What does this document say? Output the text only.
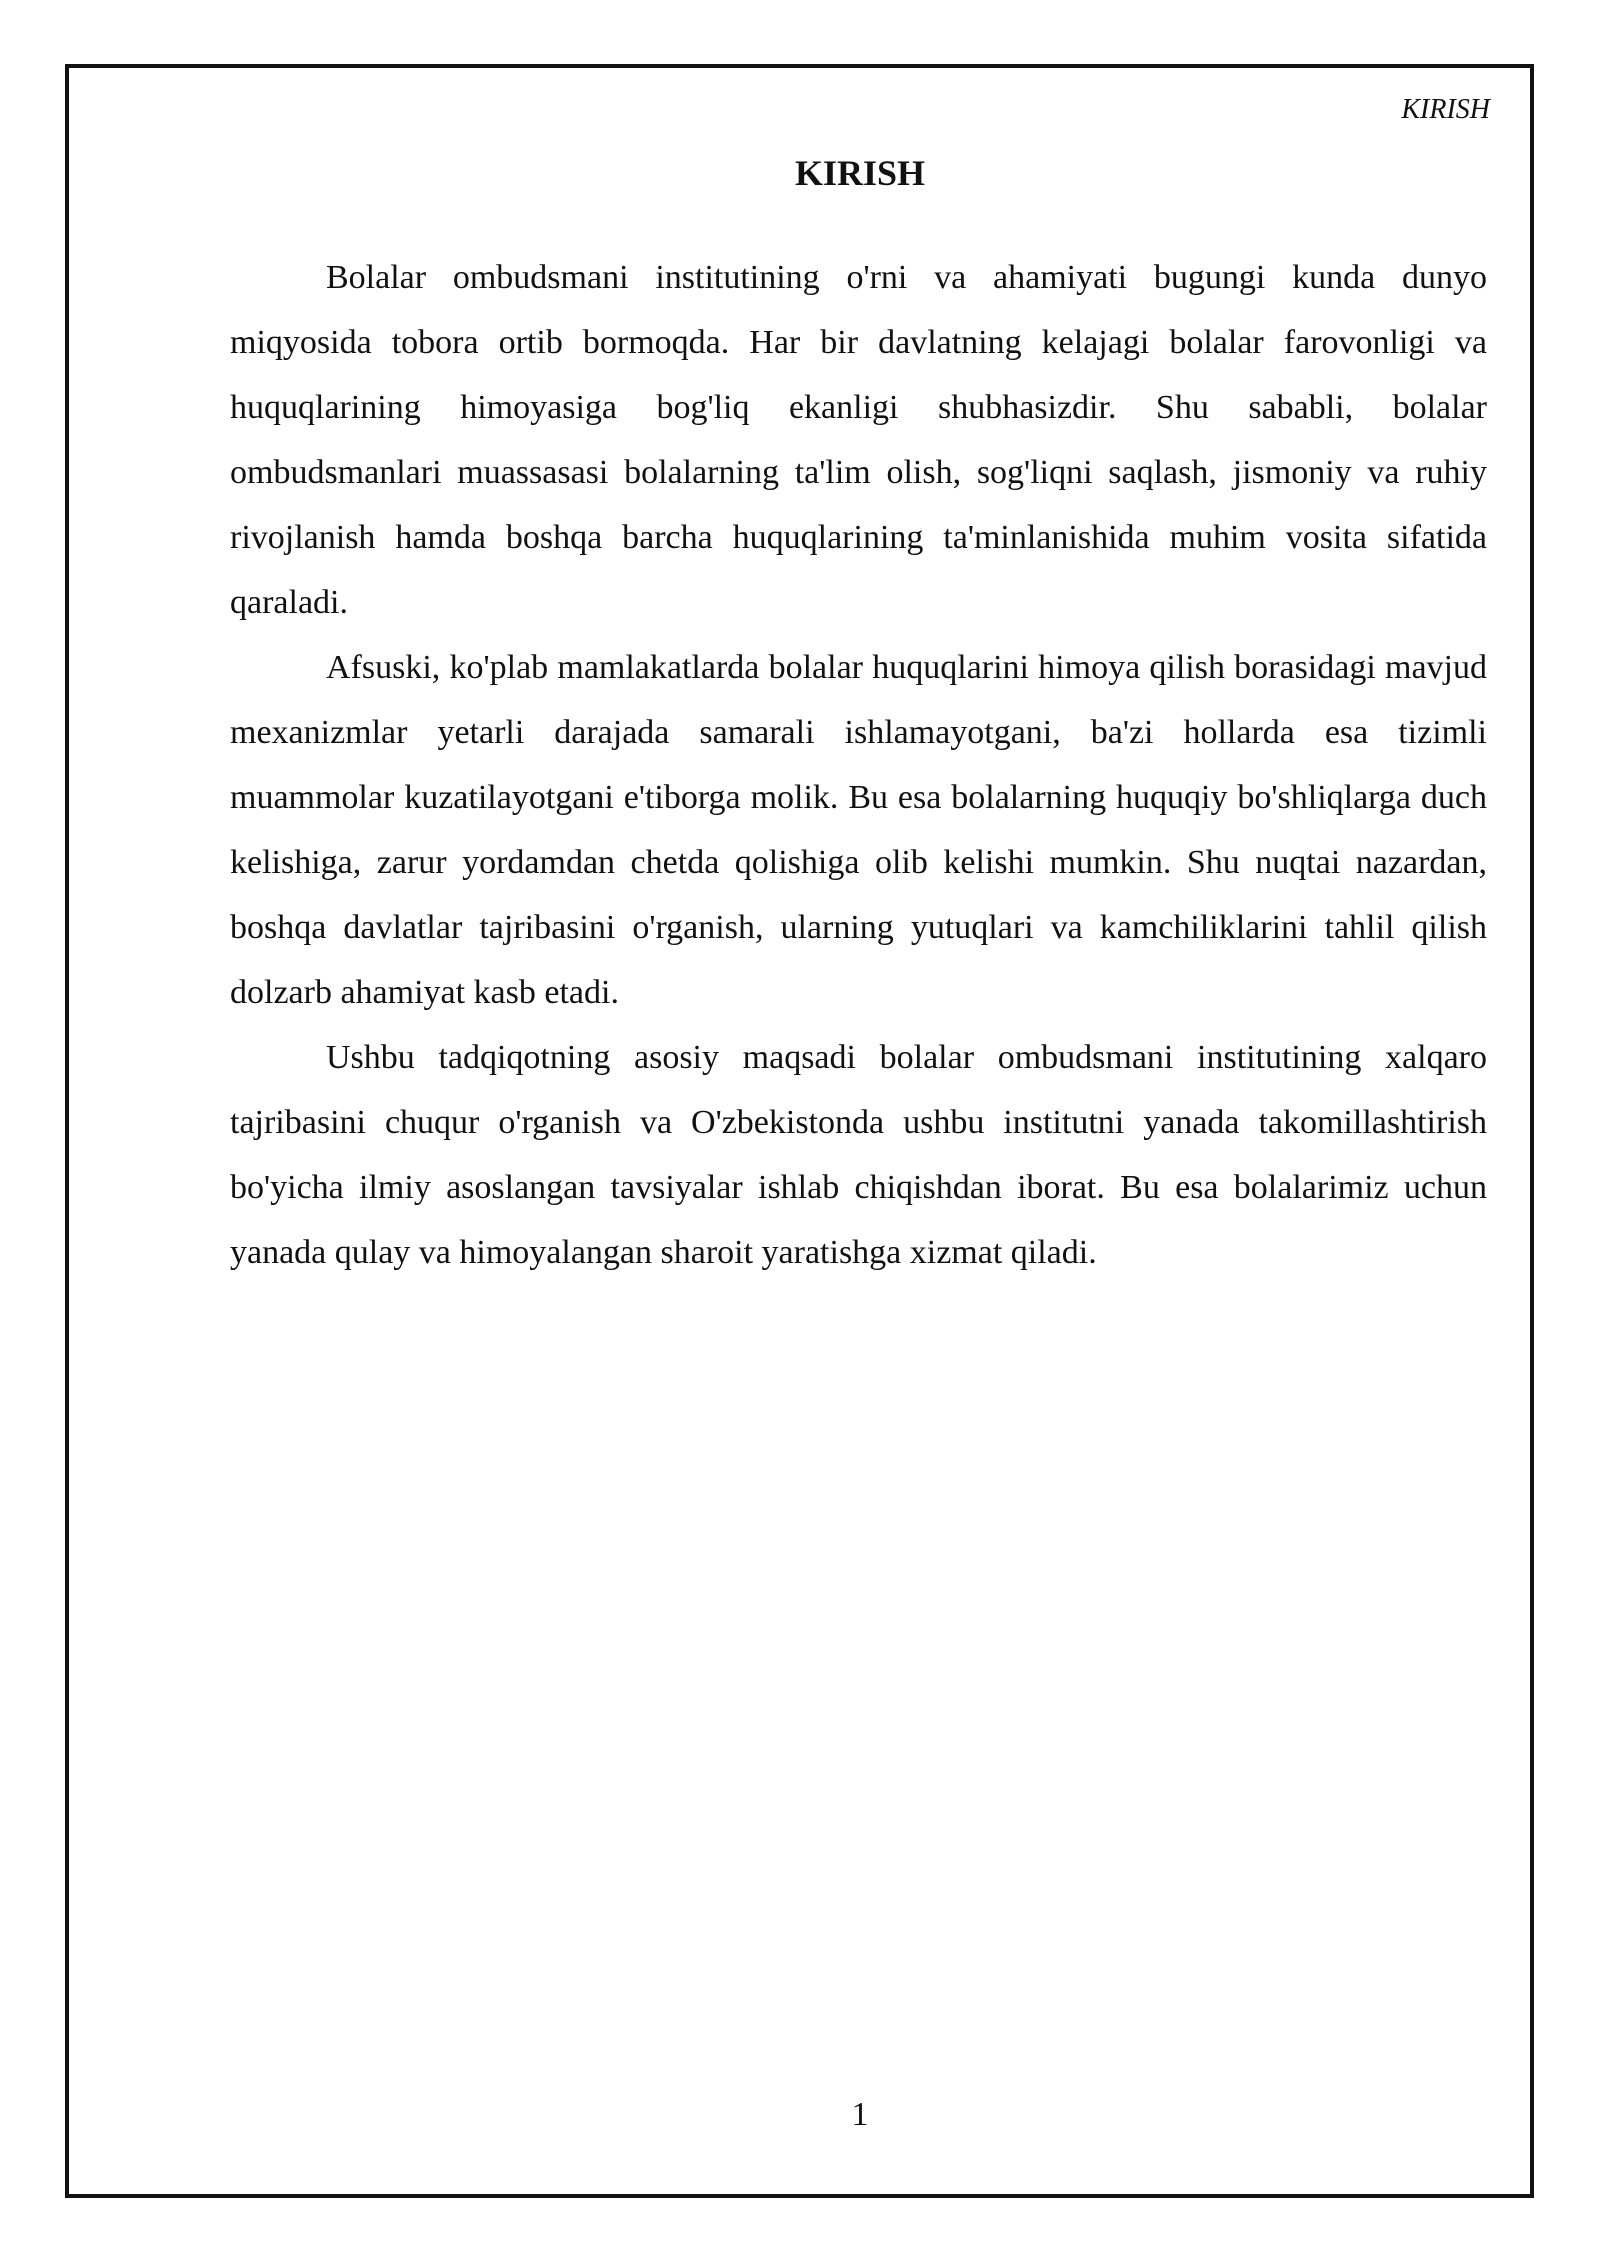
KIRISH
KIRISH

Bolalar ombudsmani institutining o'rni va ahamiyati bugungi kunda dunyo miqyosida tobora ortib bormoqda. Har bir davlatning kelajagi bolalar farovonligi va huquqlarining himoyasiga bog'liq ekanligi shubhasizdir. Shu sababli, bolalar ombudsmanlari muassasasi bolalarning ta'lim olish, sog'liqni saqlash, jismoniy va ruhiy rivojlanish hamda boshqa barcha huquqlarining ta'minlanishida muhim vosita sifatida qaraladi.

Afsuski, ko'plab mamlakatlarda bolalar huquqlarini himoya qilish borasidagi mavjud mexanizmlar yetarli darajada samarali ishlamayotgani, ba'zi hollarda esa tizimli muammolar kuzatilayotgani e'tiborga molik. Bu esa bolalarning huquqiy bo'shliqlarga duch kelishiga, zarur yordamdan chetda qolishiga olib kelishi mumkin. Shu nuqtai nazardan, boshqa davlatlar tajribasini o'rganish, ularning yutuqlari va kamchiliklarini tahlil qilish dolzarb ahamiyat kasb etadi.

Ushbu tadqiqotning asosiy maqsadi bolalar ombudsmani institutining xalqaro tajribasini chuqur o'rganish va O'zbekistonda ushbu institutni yanada takomillashtirish bo'yicha ilmiy asoslangan tavsiyalar ishlab chiqishdan iborat. Bu esa bolalarimiz uchun yanada qulay va himoyalangan sharoit yaratishga xizmat qiladi.

1
